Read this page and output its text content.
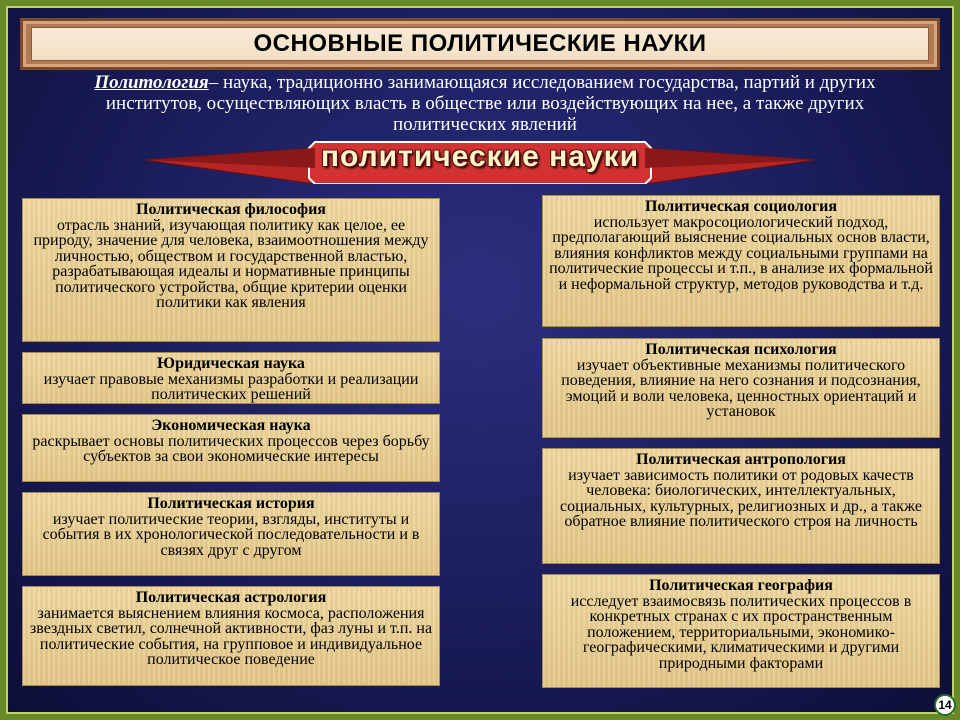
ОСНОВНЫЕ ПОЛИТИЧЕСКИЕ НАУКИ
Политология– наука, традиционно занимающаяся исследованием государства, партий и других институтов, осуществляющих власть в обществе или воздействующих на нее, а также других политических явлений
политические науки
Политическая философия
отрасль знаний, изучающая политику как целое, ее природу, значение для человека, взаимоотношения между личностью, обществом и государственной властью, разрабатывающая идеалы и нормативные принципы политического устройства, общие критерии оценки политики как явления
Юридическая наука
изучает правовые механизмы разработки и реализации политических решений
Экономическая наука
раскрывает основы политических процессов через борьбу субъектов за свои экономические интересы
Политическая история
изучает политические теории, взгляды, институты и события в их хронологической последовательности и в связях друг с другом
Политическая астрология
занимается выяснением влияния космоса, расположения звездных светил, солнечной активности, фаз луны и т.п. на политические события, на групповое и индивидуальное политическое поведение
Политическая социология
использует макросоциологический подход, предполагающий выяснение социальных основ власти, влияния конфликтов между социальными группами на политические процессы и т.п., в анализе их формальной и неформальной структур, методов руководства и т.д.
Политическая психология
изучает объективные механизмы политического поведения, влияние на него сознания и подсознания, эмоций и воли человека, ценностных ориентаций и установок
Политическая антропология
изучает зависимость политики от родовых качеств человека: биологических, интеллектуальных, социальных, культурных, религиозных и др., а также обратное влияние политического строя на личность
Политическая география
исследует взаимосвязь политических процессов в конкретных странах с их пространственным положением, территориальными, экономико-географическими, климатическими и другими природными факторами
14
